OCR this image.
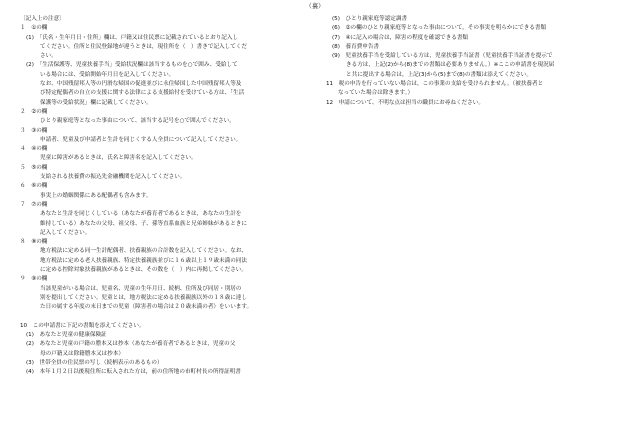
（裏）
〔記入上の注意〕
１　①の欄
(1)　「氏名・生年月日・住所」欄は、戸籍又は住民票に記載されているとおり記入し
てください。住所と住民登録地が違うときは，現住所を（　）書きで記入してくだ
さい。
(2)　「生活保護等、児童扶養手当」受給状況欄は該当するものを○で囲み、受給して
いる場合には、受給開始年月日を記入してください。
なお、中国残留邦人等の円滑な帰国の促進並びに永住帰国した中国残留邦人等及
び特定配偶者の自立の支援に関する法律による支援給付を受けている方は、「生活
保護等の受給状況」欄に記載してください。
２　②の欄
ひとり親家庭等となった事由について、該当する記号を○で囲んでください。
３　③の欄
申請者、児童及び申請者と生計を同じくする人全員について記入してください。
４　④の欄
児童に障害があるときは，氏名と障害名を記入してください。
５　⑤の欄
支給される扶養費の振込先金融機関を記入してください。
６　⑥の欄
事実上の婚姻関係にある配偶者も含みます。
７　⑦の欄
あなたと生計を同じくしている（あなたが養育者であるときは，あなたの生計を
維持している）あなたの父母、祖父母、子、孫等直系血族と兄弟姉妹があるときに
記入してください。
８　⑧の欄
地方税法に定める同一生計配偶者、扶養親族の合計数を記入してください。なお、
地方税法に定める老人扶養親族、特定扶養親族並びに１６歳以上１９歳未満の同法
に定める控除対象扶養親族があるときは、その数を（　）内に再掲してください。
９　⑨の欄
当該児童がいる場合は、児童名、児童の生年月日、続柄、住所及び同居・別居の
別を提出してください。児童とは，地方税法に定める扶養親族以外の１８歳に達し
た日の属する年度の末日までの児童（障害者の場合は２０歳未満の者）をいいます。
10　この申請書に下記の書類を添えてください。
(1)　あなたと児童の健康保険証
(2)　あなたと児童の戸籍の謄本又は抄本（あなたが養育者であるときは，児童の父
母の戸籍又は除籍謄本又は抄本）
(3)　世帯全員の住民票の写し（続柄表示のあるもの）
(4)　本年１月２日以後現住所に転入された方は，前の住所地の市町村長の所得証明書
(5)　ひとり親家庭等認定調書
(6)　②の欄のひとり親家庭等となった事由について，その事実を明らかにできる書類
(7)　④に記入の場合は，障害の程度を確認できる書類
(8)　養育費申告書
(9)　児童扶養手当を受給している方は，児童扶養手当証書（児童扶養手当証書を提示で
きる方は，上記(2)から(8)までの書類は必要ありません。）※ここの申請書を現況届
と共に提出する場合は，上記(3)から(5)まで(8)の書類は添えてください。
11　税の申告を行っていない場合は，この事業の支給を受けられません。（被扶養者と
なっていた場合は除きます。）
12　申請について、不明な点は担当の職員にお尋ねください。
